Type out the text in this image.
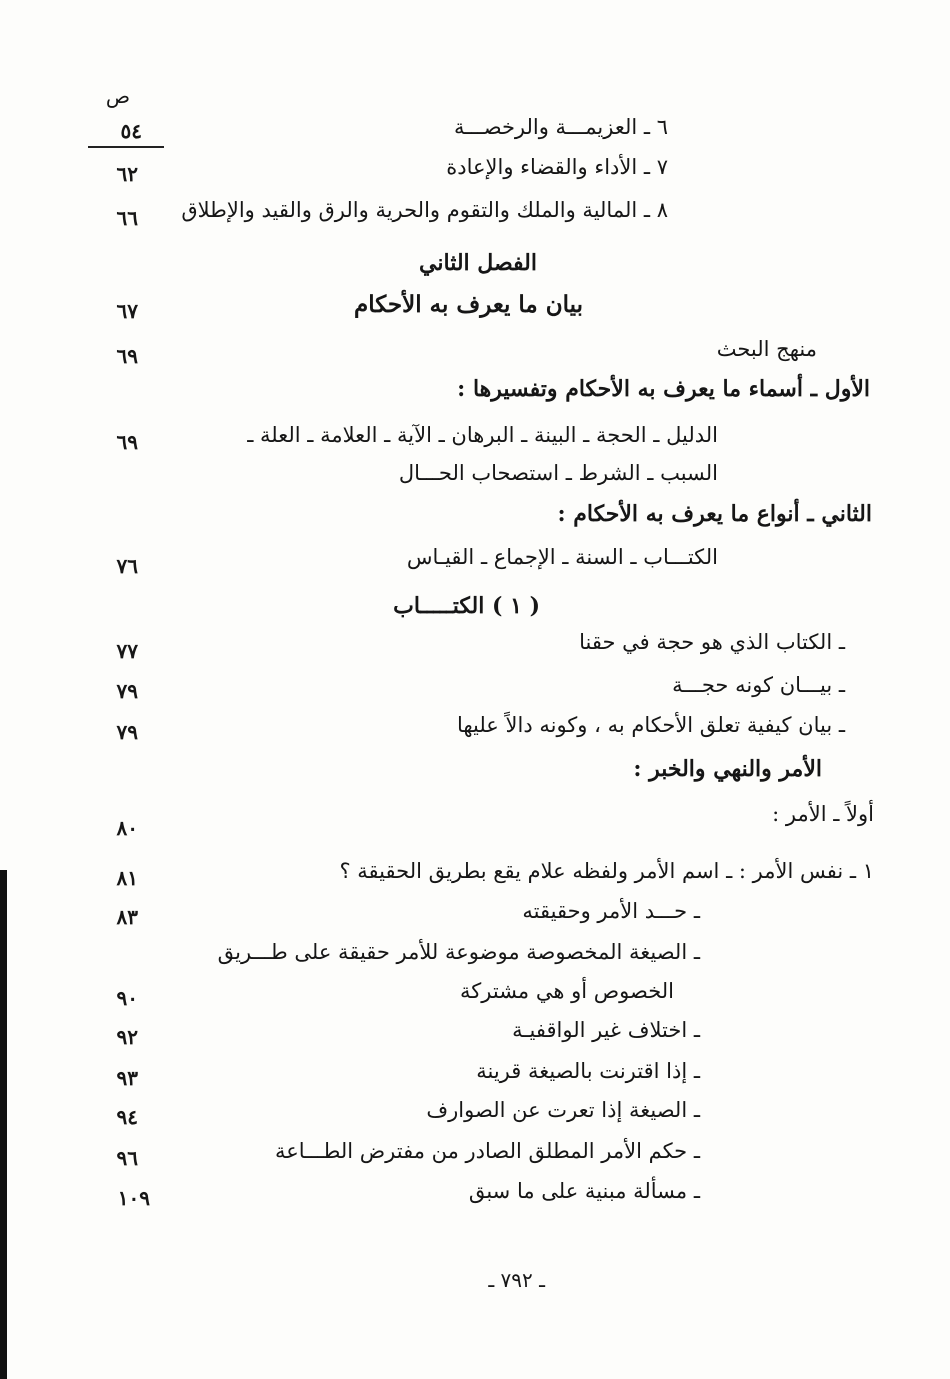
ص
٦ ـ العزيمـــة والرخصـــة
٥٤
٧ ـ الأداء والقضاء والإعادة
٦٢
٨ ـ المالية والملك والتقوم والحرية والرق والقيد والإطلاق
٦٦
الفصل الثاني
بيان ما يعرف به الأحكام
٦٧
منهج البحث
٦٩
الأول ـ أسماء ما يعرف به الأحكام وتفسيرها :
الدليل ـ الحجة ـ البينة ـ البرهان ـ الآية ـ العلامة ـ العلة ـ
٦٩
السبب ـ الشرط ـ استصحاب الحـــال
الثاني ـ أنواع ما يعرف به الأحكام :
الكتـــاب ـ السنة ـ الإجماع ـ القيـاس
٧٦
( ١ ) الكتـــــاب
ـ الكتاب الذي هو حجة في حقنا
٧٧
ـ بيـــان كونه حجـــة
٧٩
ـ بيان كيفية تعلق الأحكام به ، وكونه دالاً عليها
٧٩
الأمر والنهي والخبر :
أولاً ـ الأمر :
٨٠
١ ـ نفس الأمر : ـ اسم الأمر ولفظه علام يقع بطريق الحقيقة ؟
٨١
ـ حـــد الأمر وحقيقته
٨٣
ـ الصيغة المخصوصة موضوعة للأمر حقيقة على طـــريق
الخصوص أو هي مشتركة
٩٠
ـ اختلاف غير الواقفيـة
٩٢
ـ إذا اقترنت بالصيغة قرينة
٩٣
ـ الصيغة إذا تعرت عن الصوارف
٩٤
ـ حكم الأمر المطلق الصادر من مفترض الطـــاعة
٩٦
ـ مسألة مبنية على ما سبق
١٠٩
ـ ٧٩٢ ـ
